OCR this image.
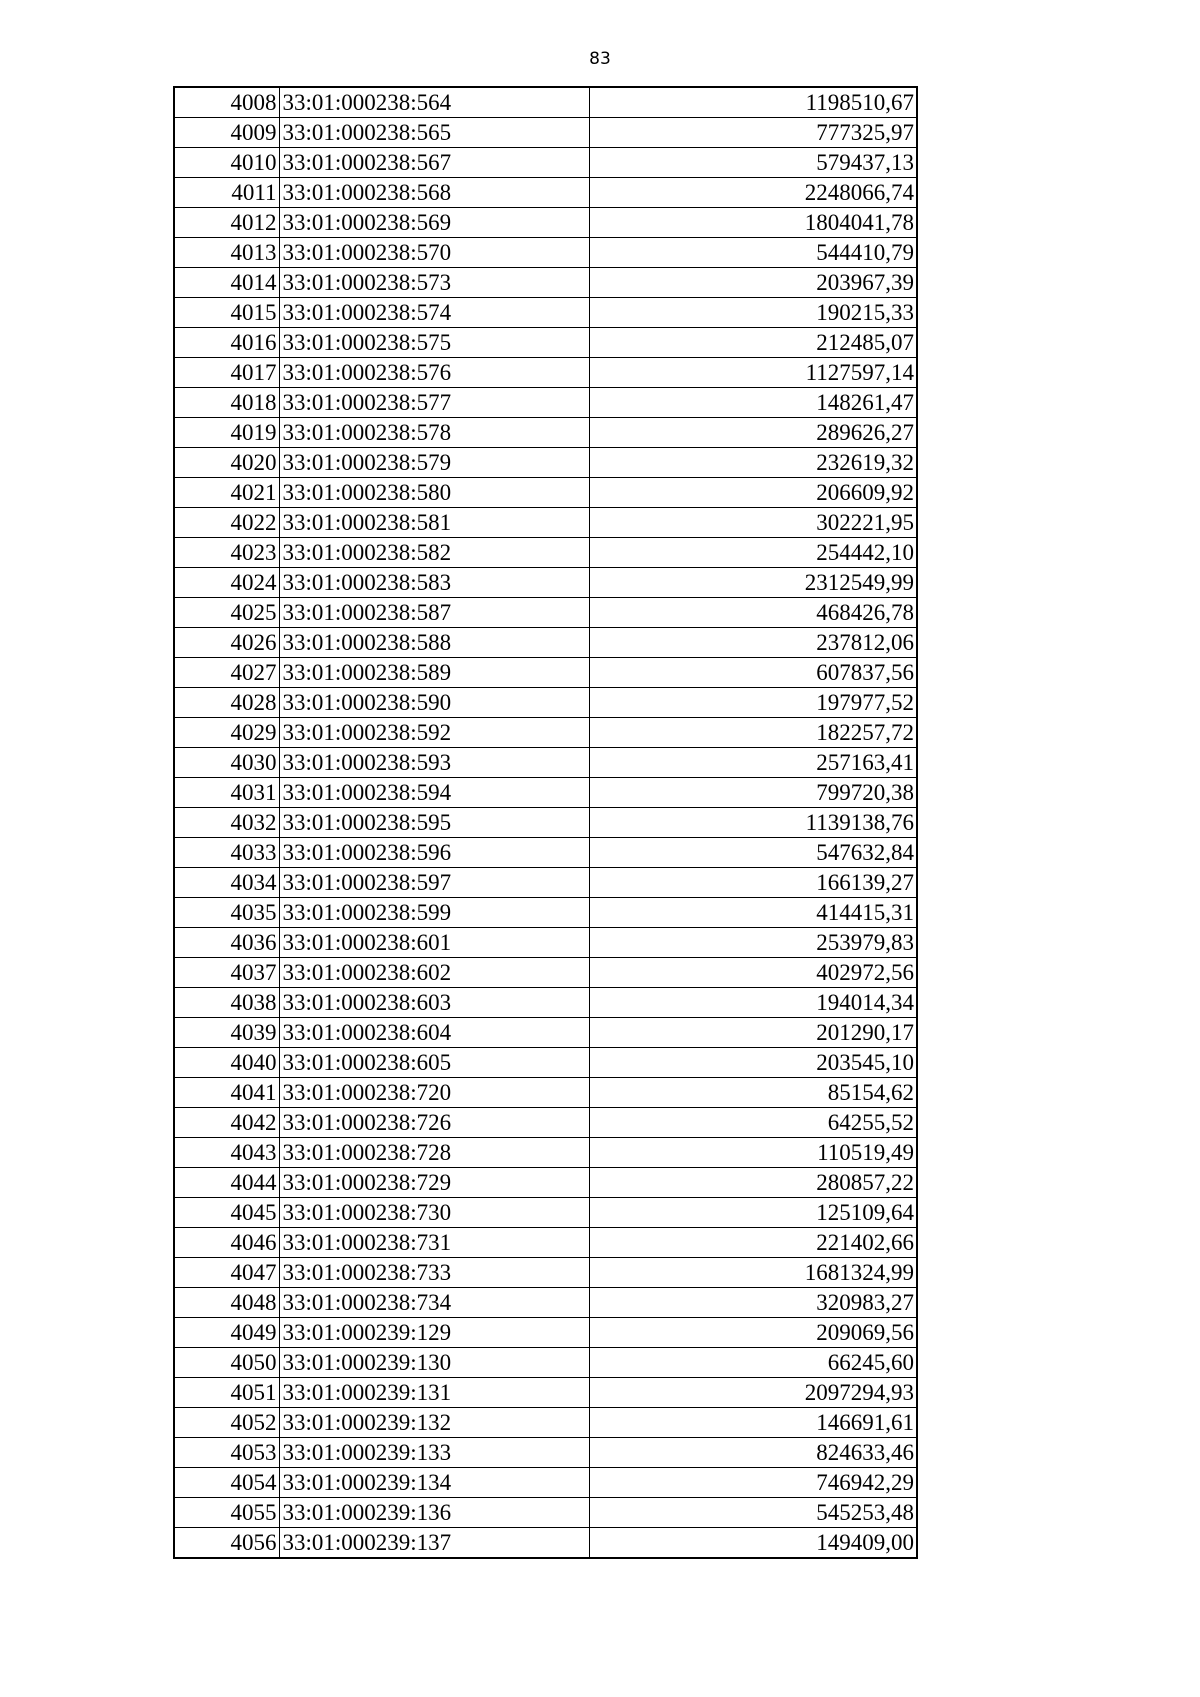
83
4008	33:01:000238:564	1198510,67
4009	33:01:000238:565	777325,97
4010	33:01:000238:567	579437,13
4011	33:01:000238:568	2248066,74
4012	33:01:000238:569	1804041,78
4013	33:01:000238:570	544410,79
4014	33:01:000238:573	203967,39
4015	33:01:000238:574	190215,33
4016	33:01:000238:575	212485,07
4017	33:01:000238:576	1127597,14
4018	33:01:000238:577	148261,47
4019	33:01:000238:578	289626,27
4020	33:01:000238:579	232619,32
4021	33:01:000238:580	206609,92
4022	33:01:000238:581	302221,95
4023	33:01:000238:582	254442,10
4024	33:01:000238:583	2312549,99
4025	33:01:000238:587	468426,78
4026	33:01:000238:588	237812,06
4027	33:01:000238:589	607837,56
4028	33:01:000238:590	197977,52
4029	33:01:000238:592	182257,72
4030	33:01:000238:593	257163,41
4031	33:01:000238:594	799720,38
4032	33:01:000238:595	1139138,76
4033	33:01:000238:596	547632,84
4034	33:01:000238:597	166139,27
4035	33:01:000238:599	414415,31
4036	33:01:000238:601	253979,83
4037	33:01:000238:602	402972,56
4038	33:01:000238:603	194014,34
4039	33:01:000238:604	201290,17
4040	33:01:000238:605	203545,10
4041	33:01:000238:720	85154,62
4042	33:01:000238:726	64255,52
4043	33:01:000238:728	110519,49
4044	33:01:000238:729	280857,22
4045	33:01:000238:730	125109,64
4046	33:01:000238:731	221402,66
4047	33:01:000238:733	1681324,99
4048	33:01:000238:734	320983,27
4049	33:01:000239:129	209069,56
4050	33:01:000239:130	66245,60
4051	33:01:000239:131	2097294,93
4052	33:01:000239:132	146691,61
4053	33:01:000239:133	824633,46
4054	33:01:000239:134	746942,29
4055	33:01:000239:136	545253,48
4056	33:01:000239:137	149409,00
